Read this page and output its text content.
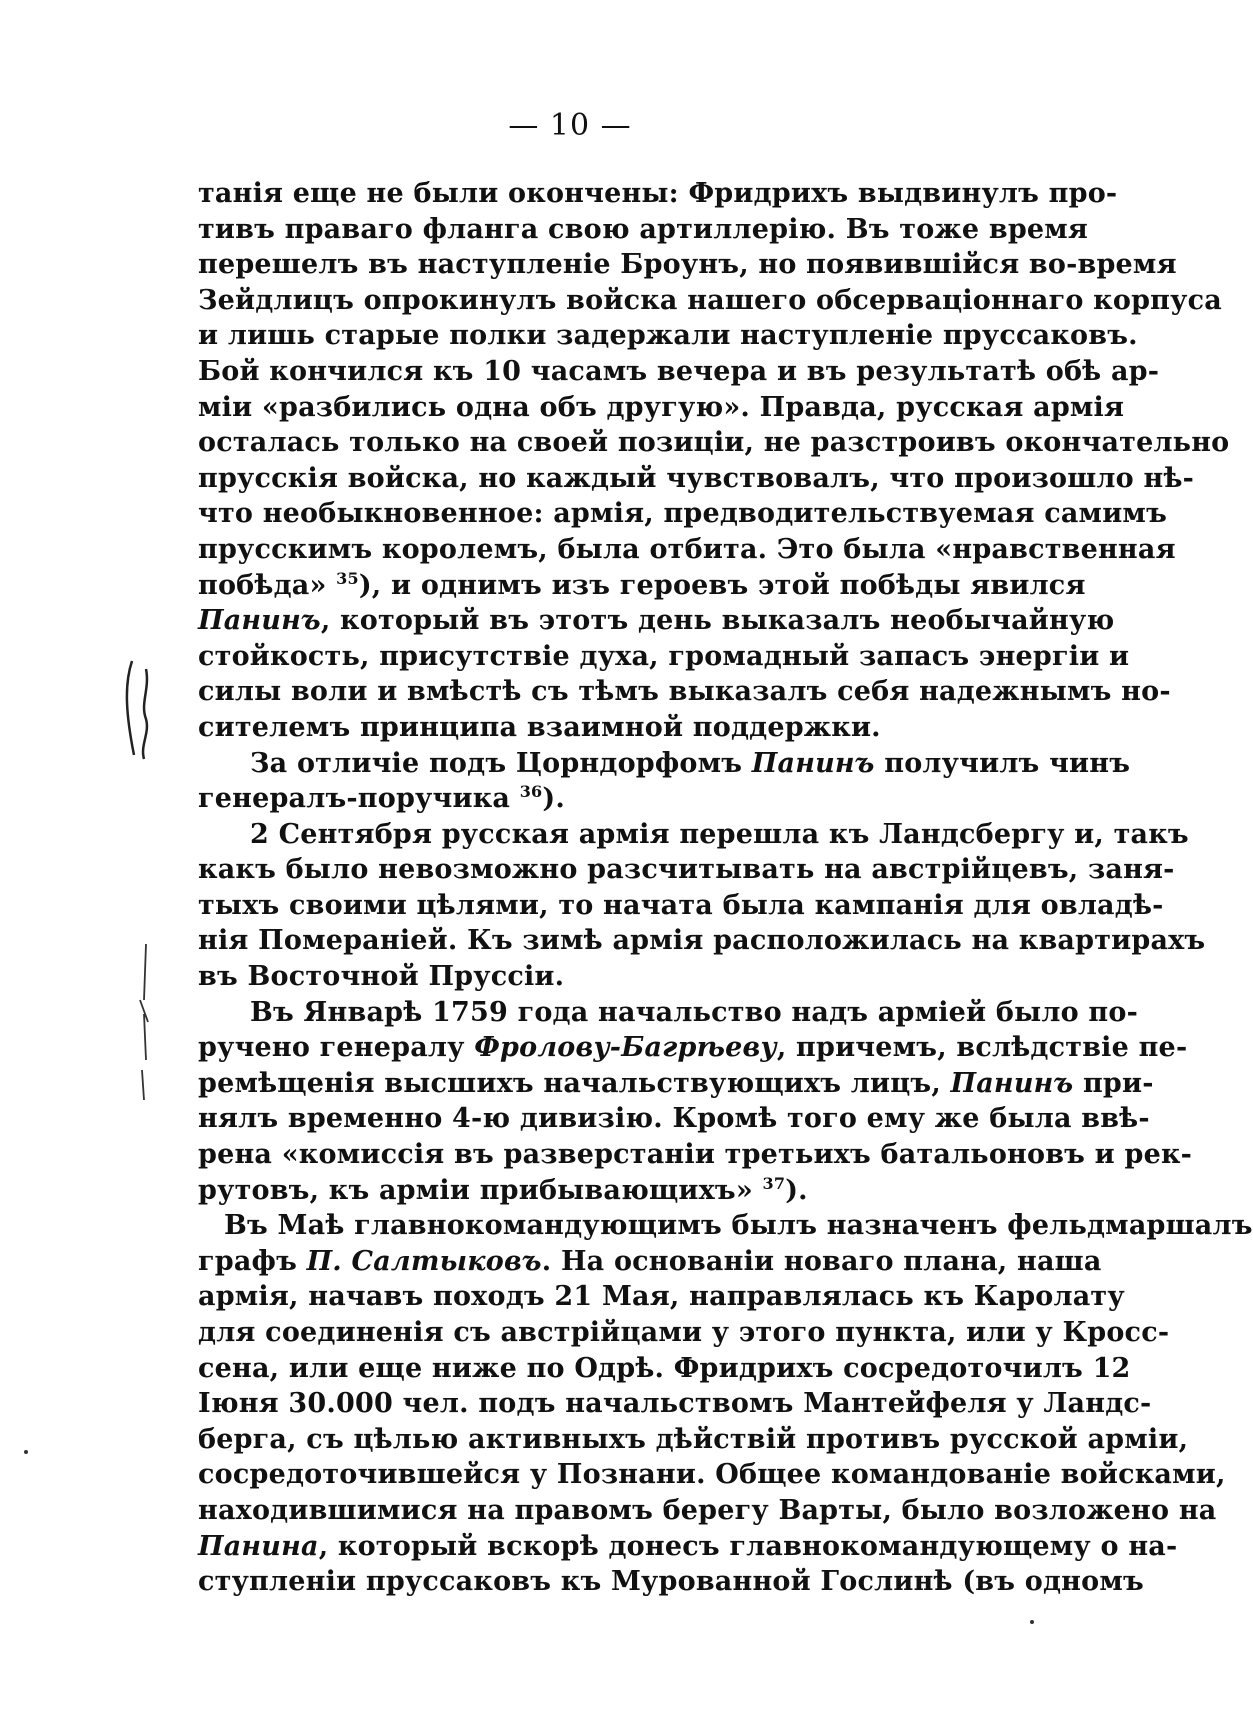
— 10 —
танія еще не были окончены: Фридрихъ выдвинулъ про-
тивъ праваго фланга свою артиллерію. Въ тоже время
перешелъ въ наступленіе Броунъ, но появившійся во-время
Зейдлицъ опрокинулъ войска нашего обсерваціоннаго корпуса
и лишь старые полки задержали наступленіе пруссаковъ.
Бой кончился къ 10 часамъ вечера и въ результатѣ обѣ ар-
міи «разбились одна объ другую». Правда, русская армія
осталась только на своей позиціи, не разстроивъ окончательно
прусскія войска, но каждый чувствовалъ, что произошло нѣ-
что необыкновенное: армія, предводительствуемая самимъ
прусскимъ королемъ, была отбита. Это была «нравственная
побѣда» $^{35}$), и однимъ изъ героевъ этой побѣды явился
Панинъ, который въ этотъ день выказалъ необычайную
стойкость, присутствіе духа, громадный запасъ энергіи и
силы воли и вмѣстѣ съ тѣмъ выказалъ себя надежнымъ но-
сителемъ принципа взаимной поддержки.
За отличіе подъ Цорндорфомъ Панинъ получилъ чинъ
генералъ-поручика $^{36}$).
2 Сентября русская армія перешла къ Ландсбергу и, такъ
какъ было невозможно разсчитывать на австрійцевъ, заня-
тыхъ своими цѣлями, то начата была кампанія для овладѣ-
нія Помераніей. Къ зимѣ армія расположилась на квартирахъ
въ Восточной Пруссіи.
Въ Январѣ 1759 года начальство надъ арміей было по-
ручено генералу Фролову-Багрѣеву, причемъ, вслѣдствіе пе-
ремѣщенія высшихъ начальствующихъ лицъ, Панинъ при-
нялъ временно 4-ю дивизію. Кромѣ того ему же была ввѣ-
рена «комиссія въ разверстаніи третьихъ батальоновъ и рек-
рутовъ, къ арміи прибывающихъ» $^{37}$).
Въ Маѣ главнокомандующимъ былъ назначенъ фельдмаршалъ
графъ П. Салтыковъ. На основаніи новаго плана, наша
армія, начавъ походъ 21 Мая, направлялась къ Каролату
для соединенія съ австрійцами у этого пункта, или у Кросс-
сена, или еще ниже по Одрѣ. Фридрихъ сосредоточилъ 12
Іюня 30.000 чел. подъ начальствомъ Мантейфеля у Ландс-
берга, съ цѣлью активныхъ дѣйствій противъ русской арміи,
сосредоточившейся у Познани. Общее командованіе войсками,
находившимися на правомъ берегу Варты, было возложено на
Панина, который вскорѣ донесъ главнокомандующему о на-
ступленіи пруссаковъ къ Мурованной Гослинѣ (въ одномъ
